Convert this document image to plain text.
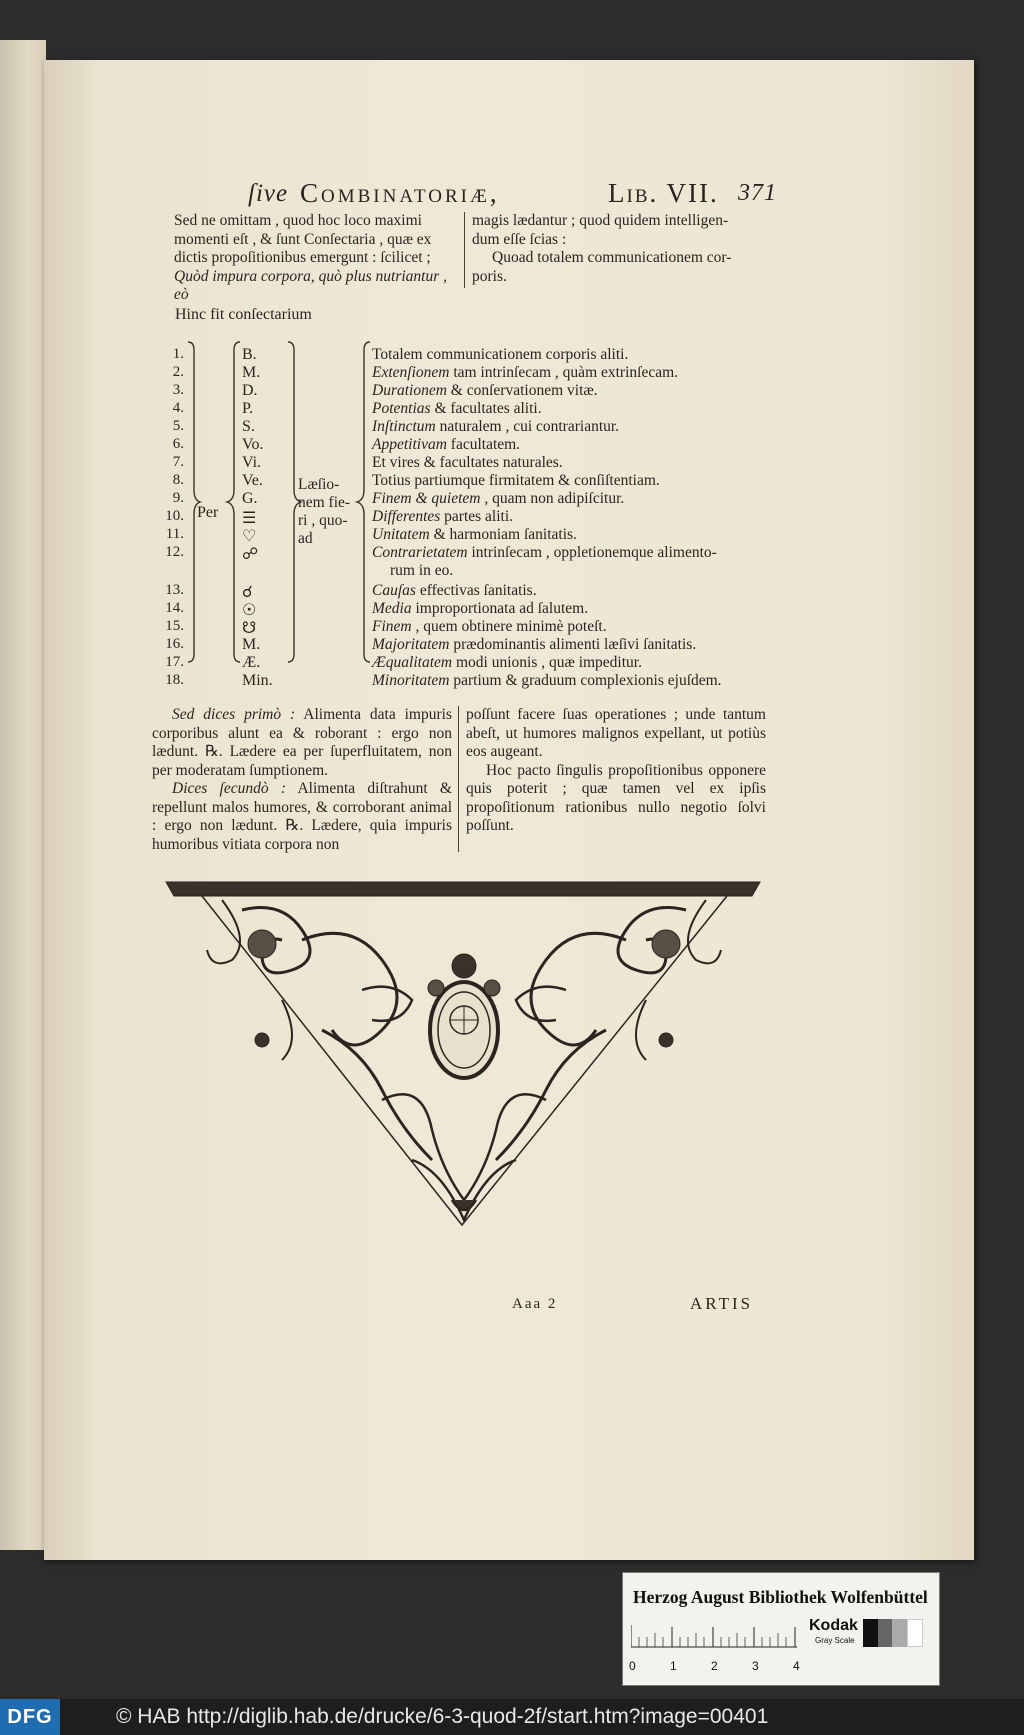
ſive Combinatoriæ,	Lib. VII. 371
Sed ne omittam , quod hoc loco maximi
momenti eſt , & ſunt Conſectaria , quæ ex
dictis propoſitionibus emergunt : ſcilicet ;
Quòd impura corpora, quò plus nutriantur , eò
magis lædantur ; quod quidem intelligen-
dum eſſe ſcias :
Quoad totalem communicationem cor-
poris.
Hinc fit conſectarium
1.	B.	Totalem communicationem corporis aliti.
2.	M.	Extenſionem tam intrinſecam , quàm extrinſecam.
3.	D.	Durationem & conſervationem vitæ.
4.	P.	Potentias & facultates aliti.
5.	S.	Inſtinctum naturalem , cui contrariantur.
6.	Vo.	Appetitivam facultatem.
7.	Vi.	Et vires & facultates naturales.
8.	Ve.	Totius partiumque firmitatem & conſiſtentiam.
9.	G.	Finem & quietem , quam non adipiſcitur.
10.	☰	Differentes partes aliti.
11.	♡	Unitatem & harmoniam ſanitatis.
12.	☍	Contrarietatem intrinſecam , oppletionemque alimento-
rum in eo.
13.	☌	Cauſas effectivas ſanitatis.
14.	☉	Media improportionata ad ſalutem.
15.	☋	Finem , quem obtinere minimè poteſt.
16.	M.	Majoritatem prædominantis alimenti læſivi ſanitatis.
17.	Æ.	Æqualitatem modi unionis , quæ impeditur.
18.	Min.	Minoritatem partium & graduum complexionis ejuſdem.
Per
Læſio-
nem fie-
ri , quo-
ad
Sed dices primò : Alimenta data impuris corporibus alunt ea & roborant : ergo non lædunt. ℞. Lædere ea per ſuperfluitatem, non per moderatam ſumptionem.
Dices ſecundò : Alimenta diſtrahunt & repellunt malos humores, & corroborant animal : ergo non lædunt. ℞. Lædere, quia impuris humoribus vitiata corpora non
poſſunt facere ſuas operationes ; unde tantum abeſt, ut humores malignos expellant, ut potiùs eos augeant.
Hoc pacto ſingulis propoſitionibus opponere quis poterit ; quæ tamen vel ex ipſis propoſitionum rationibus nullo negotio ſolvi poſſunt.
Aaa 2	ARTIS
Herzog August Bibliothek Wolfenbüttel
0	1	2	3	4
Kodak
Gray Scale
DFG	© HAB http://diglib.hab.de/drucke/6-3-quod-2f/start.htm?image=00401
